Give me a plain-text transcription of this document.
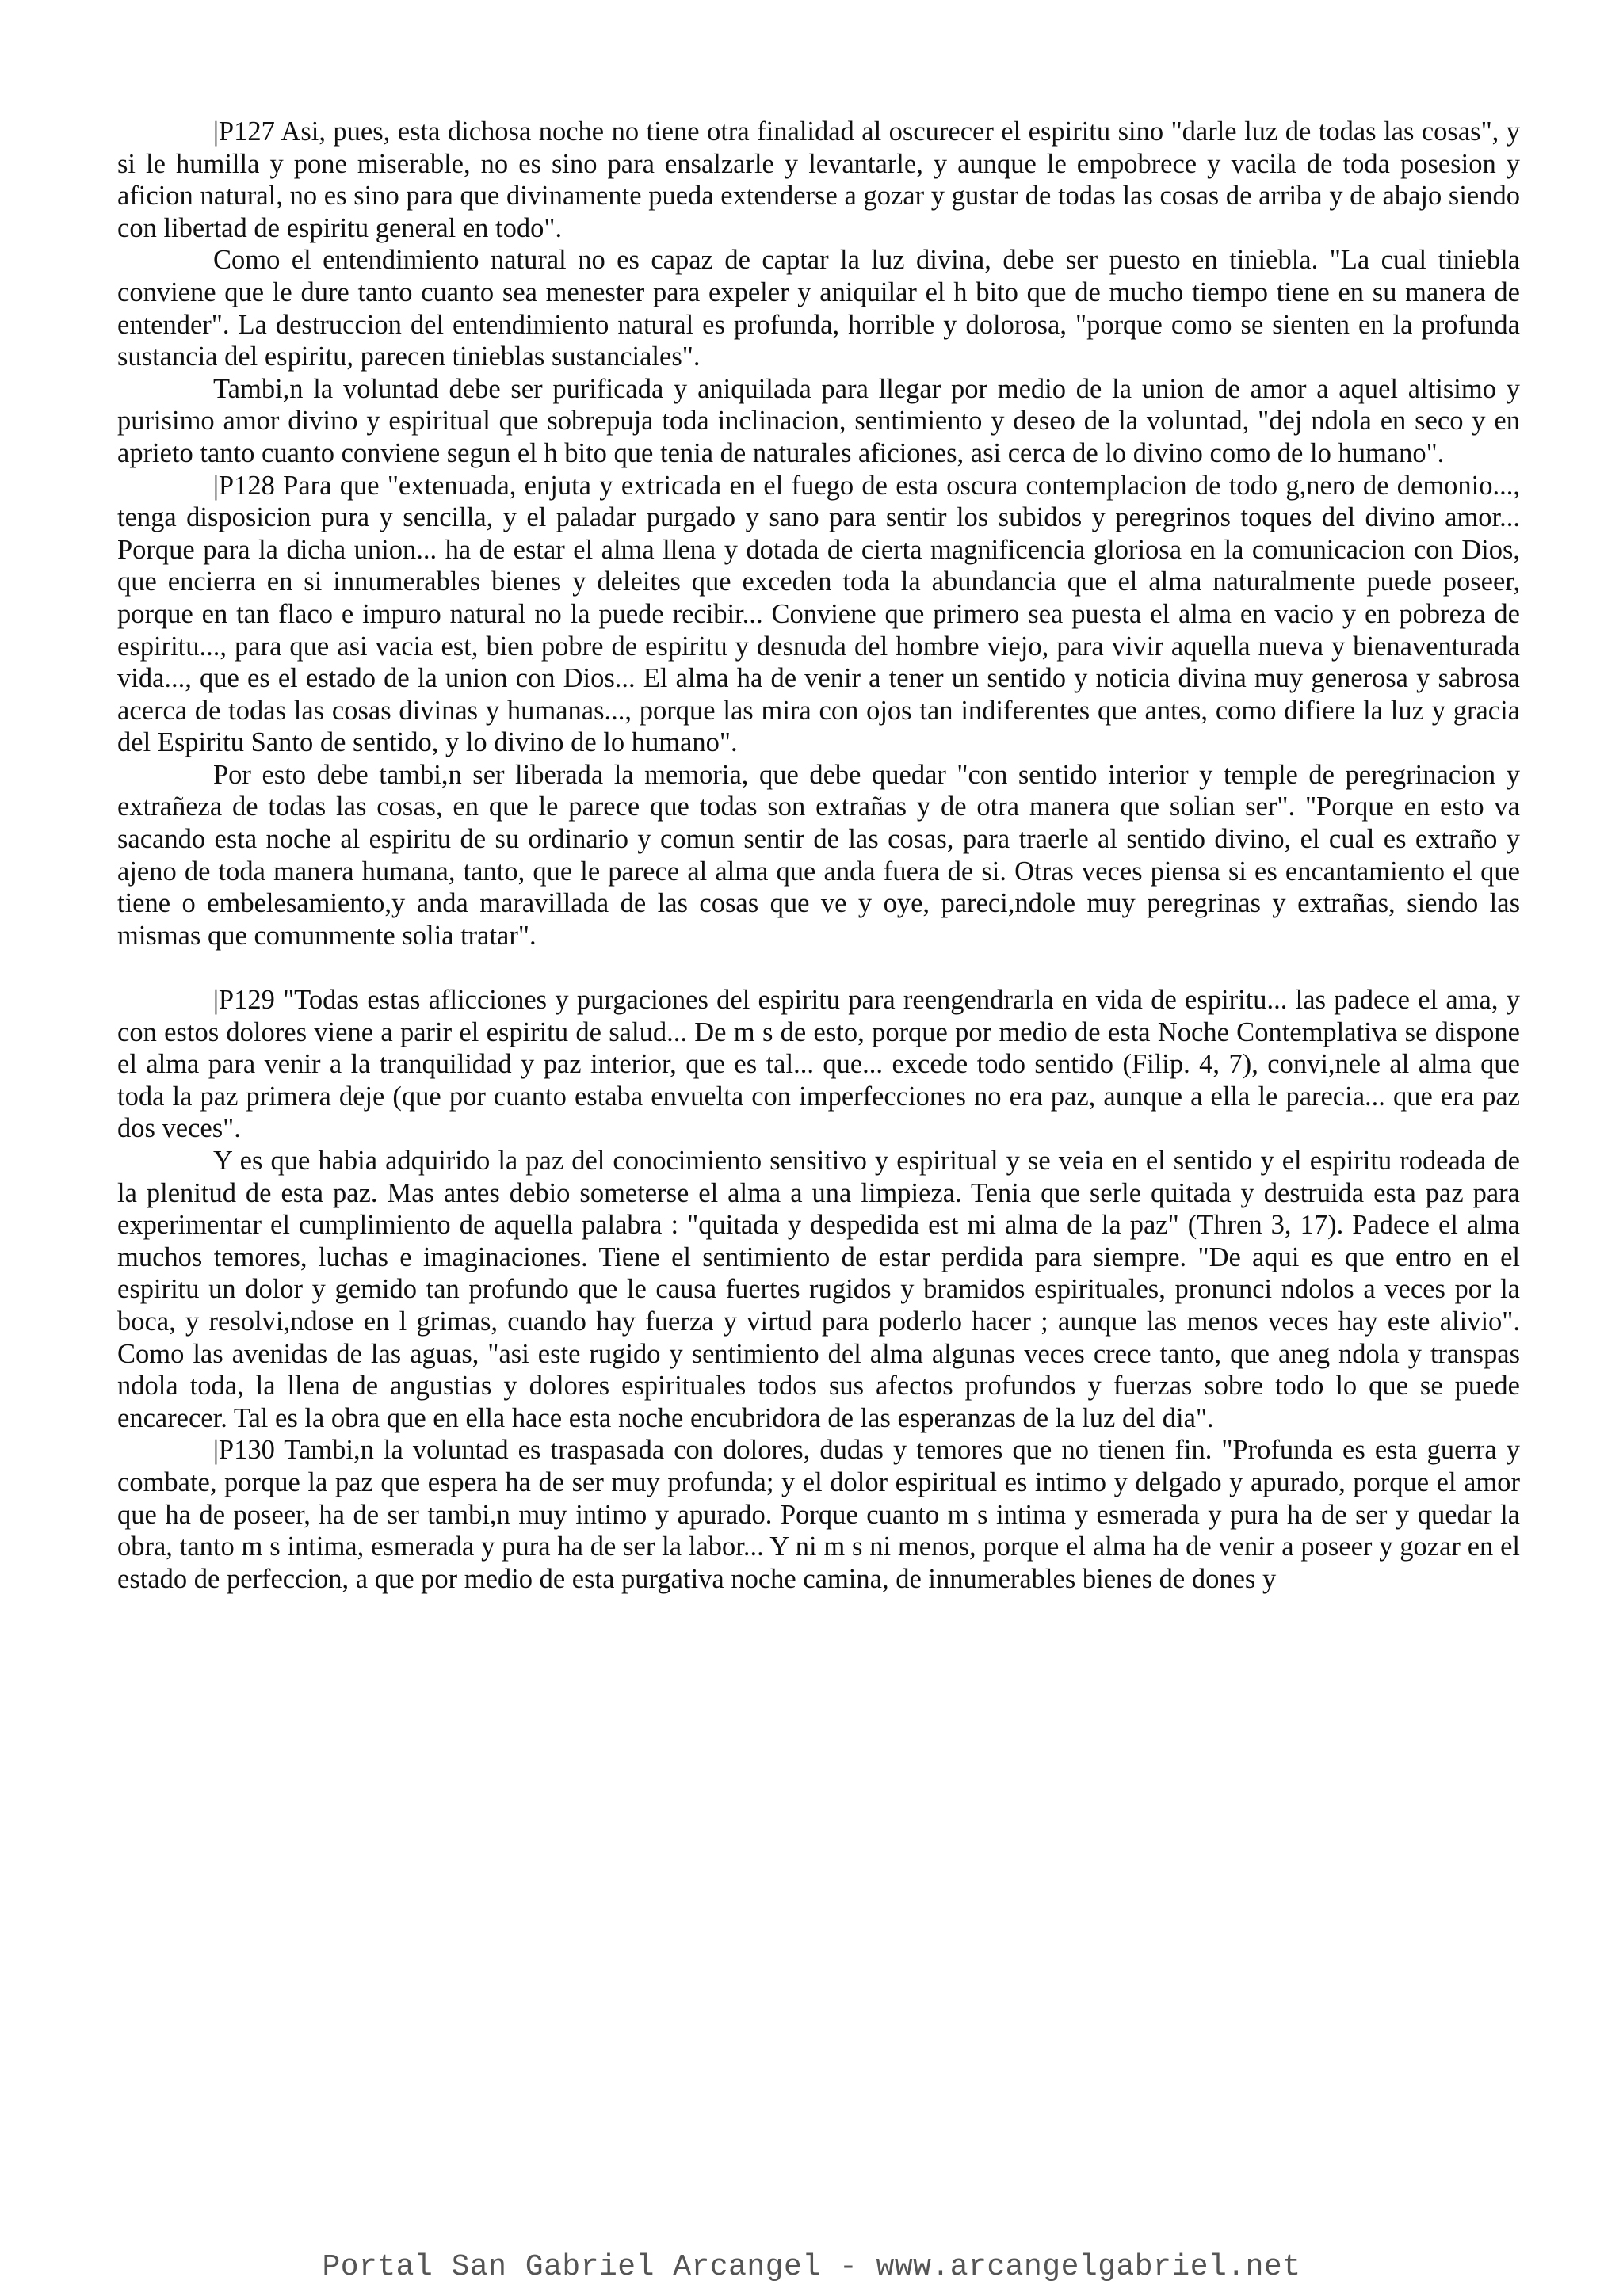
|P127 Asi, pues, esta dichosa noche no tiene otra finalidad al oscurecer el espiritu sino "darle luz de todas las cosas", y si le humilla y pone miserable, no es sino para ensalzarle y levantarle, y aunque le empobrece y vacila de toda posesion y aficion natural, no es sino para que divinamente pueda extenderse a gozar y gustar de todas las cosas de arriba y de abajo siendo con libertad de espiritu general en todo".

Como el entendimiento natural no es capaz de captar la luz divina, debe ser puesto en tiniebla. "La cual tiniebla conviene que le dure tanto cuanto sea menester para expeler y aniquilar el h bito que de mucho tiempo tiene en su manera de entender". La destruccion del entendimiento natural es profunda, horrible y dolorosa, "porque como se sienten en la profunda sustancia del espiritu, parecen tinieblas sustanciales".

Tambi,n la voluntad debe ser purificada y aniquilada para llegar por medio de la union de amor a aquel altisimo y purisimo amor divino y espiritual que sobrepuja toda inclinacion, sentimiento y deseo de la voluntad, "dej ndola en seco y en aprieto tanto cuanto conviene segun el h bito que tenia de naturales aficiones, asi cerca de lo divino como de lo humano".

|P128 Para que "extenuada, enjuta y extricada en el fuego de esta oscura contemplacion de todo g,nero de demonio..., tenga disposicion pura y sencilla, y el paladar purgado y sano para sentir los subidos y peregrinos toques del divino amor... Porque para la dicha union... ha de estar el alma llena y dotada de cierta magnificencia gloriosa en la comunicacion con Dios, que encierra en si innumerables bienes y deleites que exceden toda la abundancia que el alma naturalmente puede poseer, porque en tan flaco e impuro natural no la puede recibir... Conviene que primero sea puesta el alma en vacio y en pobreza de espiritu..., para que asi vacia est, bien pobre de espiritu y desnuda del hombre viejo, para vivir aquella nueva y bienaventurada vida..., que es el estado de la union con Dios... El alma ha de venir a tener un sentido y noticia divina muy generosa y sabrosa acerca de todas las cosas divinas y humanas..., porque las mira con ojos tan indiferentes que antes, como difiere la luz y gracia del Espiritu Santo de sentido, y lo divino de lo humano".

Por esto debe tambi,n ser liberada la memoria, que debe quedar "con sentido interior y temple de peregrinacion y extrañeza de todas las cosas, en que le parece que todas son extrañas y de otra manera que solian ser". "Porque en esto va sacando esta noche al espiritu de su ordinario y comun sentir de las cosas, para traerle al sentido divino, el cual es extraño y ajeno de toda manera humana, tanto, que le parece al alma que anda fuera de si. Otras veces piensa si es encantamiento el que tiene o embelesamiento,y anda maravillada de las cosas que ve y oye, pareci,ndole muy peregrinas y extrañas, siendo las mismas que comunmente solia tratar".

|P129 "Todas estas aflicciones y purgaciones del espiritu para reengendrarla en vida de espiritu... las padece el ama, y con estos dolores viene a parir el espiritu de salud... De m s de esto, porque por medio de esta Noche Contemplativa se dispone el alma para venir a la tranquilidad y paz interior, que es tal... que... excede todo sentido (Filip. 4, 7), convi,nele al alma que toda la paz primera deje (que por cuanto estaba envuelta con imperfecciones no era paz, aunque a ella le parecia... que era paz dos veces".

Y es que habia adquirido la paz del conocimiento sensitivo y espiritual y se veia en el sentido y el espiritu rodeada de la plenitud de esta paz. Mas antes debio someterse el alma a una limpieza. Tenia que serle quitada y destruida esta paz para experimentar el cumplimiento de aquella palabra : "quitada y despedida est mi alma de la paz" (Thren 3, 17). Padece el alma muchos temores, luchas e imaginaciones. Tiene el sentimiento de estar perdida para siempre. "De aqui es que entro en el espiritu un dolor y gemido tan profundo que le causa fuertes rugidos y bramidos espirituales, pronunci ndolos a veces por la boca, y resolvi,ndose en l grimas, cuando hay fuerza y virtud para poderlo hacer ; aunque las menos veces hay este alivio". Como las avenidas de las aguas, "asi este rugido y sentimiento del alma algunas veces crece tanto, que aneg ndola y transpas ndola toda, la llena de angustias y dolores espirituales todos sus afectos profundos y fuerzas sobre todo lo que se puede encarecer. Tal es la obra que en ella hace esta noche encubridora de las esperanzas de la luz del dia".

|P130 Tambi,n la voluntad es traspasada con dolores, dudas y temores que no tienen fin. "Profunda es esta guerra y combate, porque la paz que espera ha de ser muy profunda; y el dolor espiritual es intimo y delgado y apurado, porque el amor que ha de poseer, ha de ser tambi,n muy intimo y apurado. Porque cuanto m s intima y esmerada y pura ha de ser y quedar la obra, tanto m s intima, esmerada y pura ha de ser la labor... Y ni m s ni menos, porque el alma ha de venir a poseer y gozar en el estado de perfeccion, a que por medio de esta purgativa noche camina, de innumerables bienes de dones y

Portal San Gabriel Arcangel - www.arcangelgabriel.net
